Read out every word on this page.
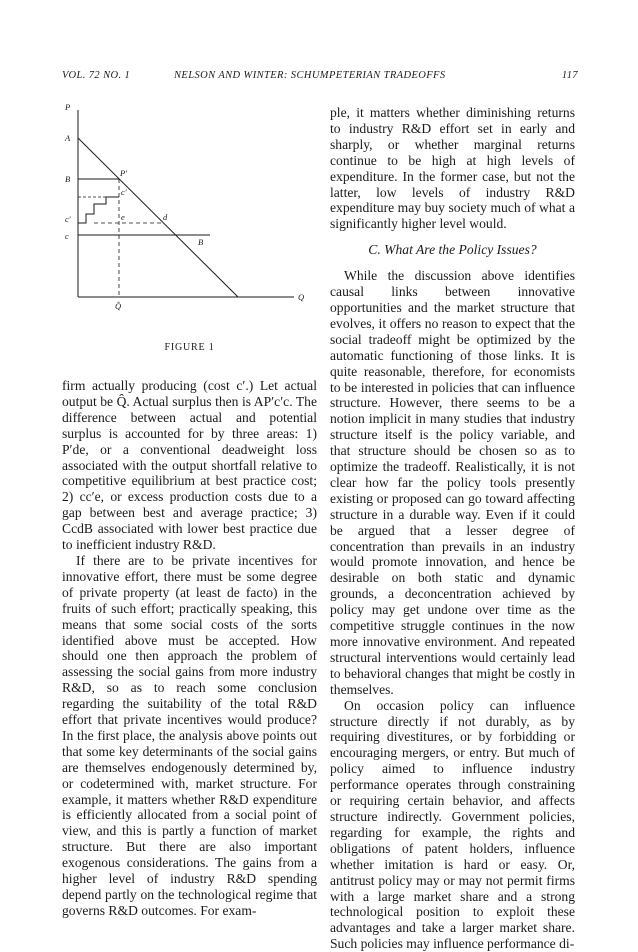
VOL. 72 NO. 1	NELSON AND WINTER: SCHUMPETERIAN TRADEOFFS	117
P
A
B
c'
c
P'
c'
e	d
B
Q
Q̂
FIGURE 1

firm actually producing (cost c′.) Let actual output be Q̂. Actual surplus then is AP′c′c. The difference between actual and potential surplus is accounted for by three areas: 1) P′de, or a conventional deadweight loss associated with the output shortfall relative to competitive equilibrium at best practice cost; 2) cc′e, or excess production costs due to a gap between best and average practice; 3) CcdB associated with lower best practice due to inefficient industry R&D.

If there are to be private incentives for innovative effort, there must be some degree of private property (at least de facto) in the fruits of such effort; practically speaking, this means that some social costs of the sorts identified above must be accepted. How should one then approach the problem of assessing the social gains from more industry R&D, so as to reach some conclusion regarding the suitability of the total R&D effort that private incentives would produce? In the first place, the analysis above points out that some key determinants of the social gains are themselves endogenously determined by, or codetermined with, market structure. For example, it matters whether R&D expenditure is efficiently allocated from a social point of view, and this is partly a function of market structure. But there are also important exogenous considerations. The gains from a higher level of industry R&D spending depend partly on the technological regime that governs R&D outcomes. For exam-

ple, it matters whether diminishing returns to industry R&D effort set in early and sharply, or whether marginal returns continue to be high at high levels of expenditure. In the former case, but not the latter, low levels of industry R&D expenditure may buy society much of what a significantly higher level would.

C. What Are the Policy Issues?

While the discussion above identifies causal links between innovative opportunities and the market structure that evolves, it offers no reason to expect that the social tradeoff might be optimized by the automatic functioning of those links. It is quite reasonable, therefore, for economists to be interested in policies that can influence structure. However, there seems to be a notion implicit in many studies that industry structure itself is the policy variable, and that structure should be chosen so as to optimize the tradeoff. Realistically, it is not clear how far the policy tools presently existing or proposed can go toward affecting structure in a durable way. Even if it could be argued that a lesser degree of concentration than prevails in an industry would promote innovation, and hence be desirable on both static and dynamic grounds, a deconcentration achieved by policy may get undone over time as the competitive struggle continues in the now more innovative environment. And repeated structural interventions would certainly lead to behavioral changes that might be costly in themselves.

On occasion policy can influence structure directly if not durably, as by requiring divestitures, or by forbidding or encouraging mergers, or entry. But much of policy aimed to influence industry performance operates through constraining or requiring certain behavior, and affects structure indirectly. Government policies, regarding for example, the rights and obligations of patent holders, influence whether imitation is hard or easy. Or, antitrust policy may or may not permit firms with a large market share and a strong technological position to exploit these advantages and take a larger market share. Such policies may influence performance di-
